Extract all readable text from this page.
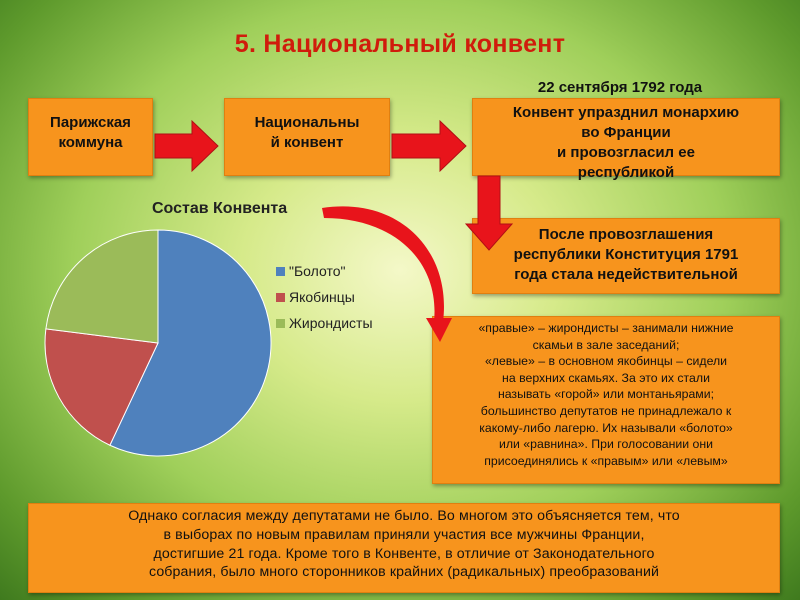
5. Национальный конвент
22 сентября 1792 года
Парижская
коммуна
Национальны
й конвент
Конвент упразднил монархию
во Франции
и провозгласил ее
республикой
После провозглашения
республики Конституция 1791
года стала недействительной
«правые» – жирондисты – занимали нижние
скамьи в зале заседаний;
«левые» – в основном якобинцы – сидели
на верхних скамьях. За это их стали
называть «горой» или монтаньярами;
большинство депутатов не принадлежало к
какому-либо лагерю. Их называли «болото»
или «равнина». При голосовании они
присоединялись к «правым» или «левым»
Однако согласия между депутатами не было. Во многом это объясняется тем, что
в выборах по новым правилам приняли участия все мужчины Франции,
достигшие 21 года. Кроме того в Конвенте, в отличие от Законодательного
собрания, было много сторонников крайних (радикальных) преобразований
Состав Конвента
"Болото"
Якобинцы
Жирондисты
